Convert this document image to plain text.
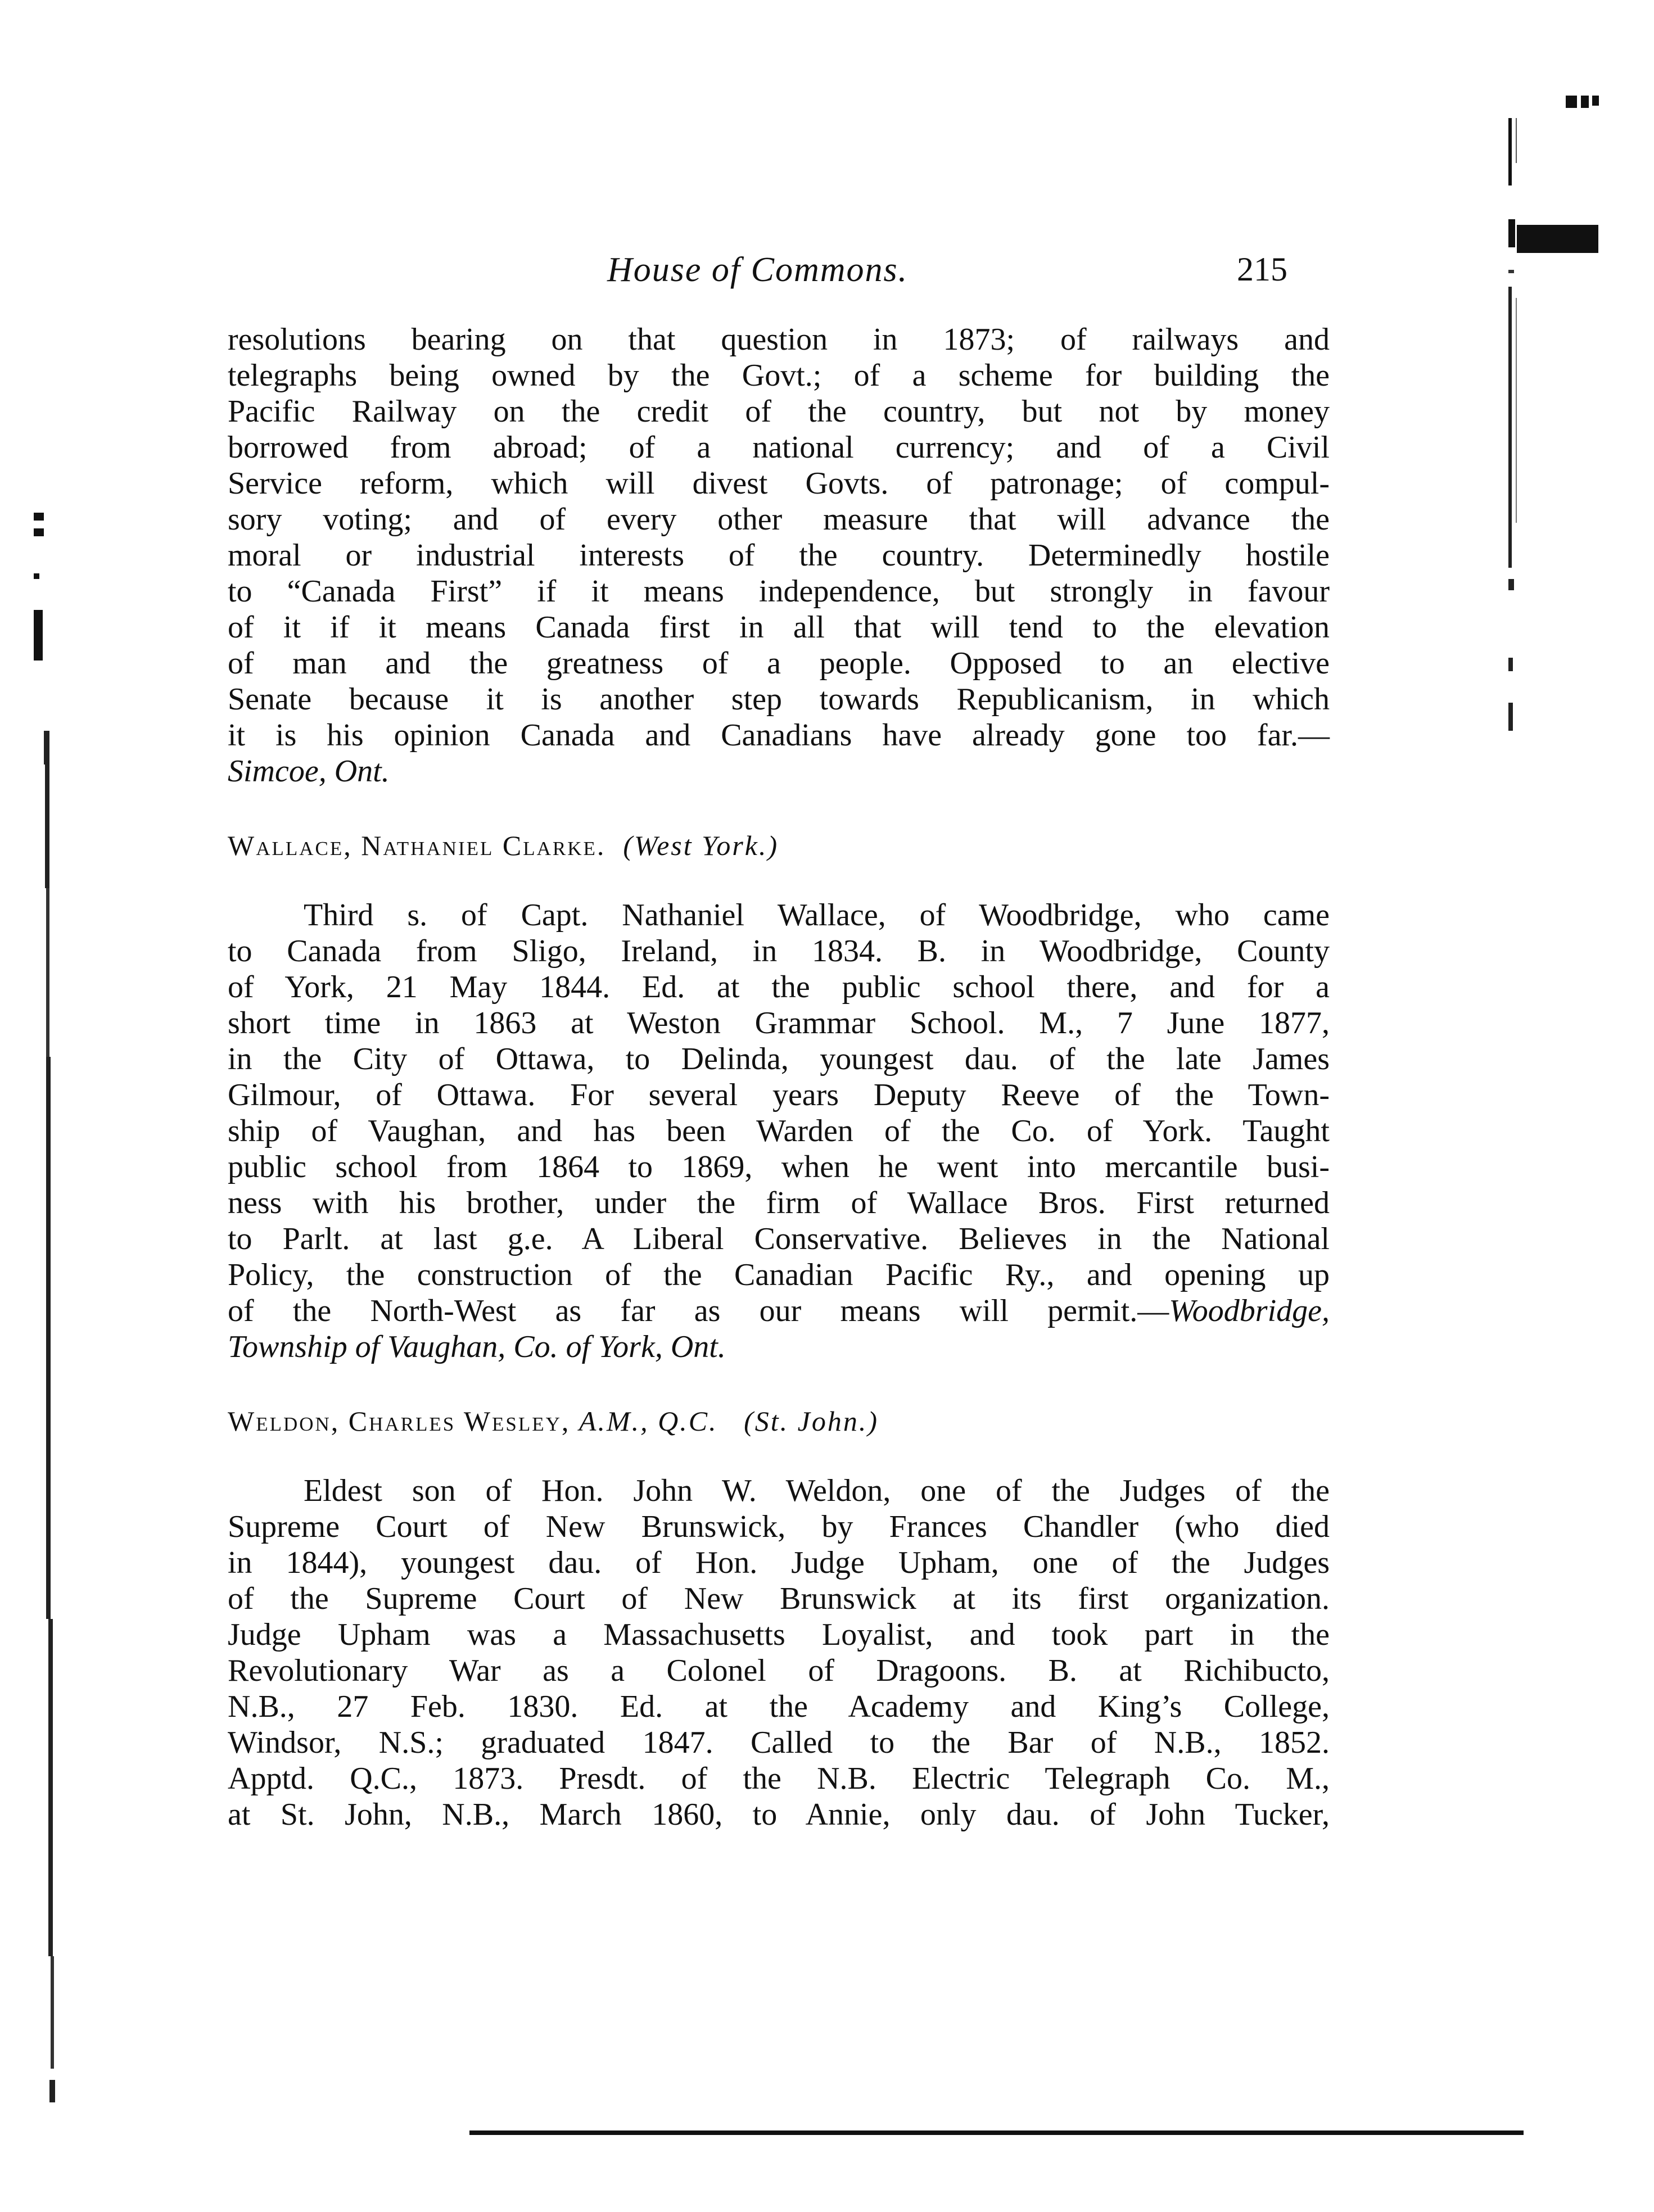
House of Commons.	215

resolutions bearing on that question in 1873; of railways and
telegraphs being owned by the Govt.; of a scheme for building the
Pacific Railway on the credit of the country, but not by money
borrowed from abroad; of a national currency; and of a Civil
Service reform, which will divest Govts. of patronage; of compul-
sory voting; and of every other measure that will advance the
moral or industrial interests of the country. Determinedly hostile
to “Canada First” if it means independence, but strongly in favour
of it if it means Canada first in all that will tend to the elevation
of man and the greatness of a people. Opposed to an elective
Senate because it is another step towards Republicanism, in which
it is his opinion Canada and Canadians have already gone too far.—
Simcoe, Ont.

Wallace, Nathaniel Clarke. (West York.)

Third s. of Capt. Nathaniel Wallace, of Woodbridge, who came
to Canada from Sligo, Ireland, in 1834. B. in Woodbridge, County
of York, 21 May 1844. Ed. at the public school there, and for a
short time in 1863 at Weston Grammar School. M., 7 June 1877,
in the City of Ottawa, to Delinda, youngest dau. of the late James
Gilmour, of Ottawa. For several years Deputy Reeve of the Town-
ship of Vaughan, and has been Warden of the Co. of York. Taught
public school from 1864 to 1869, when he went into mercantile busi-
ness with his brother, under the firm of Wallace Bros. First returned
to Parlt. at last g.e. A Liberal Conservative. Believes in the National
Policy, the construction of the Canadian Pacific Ry., and opening up
of the North-West as far as our means will permit.—Woodbridge,
Township of Vaughan, Co. of York, Ont.

Weldon, Charles Wesley, A.M., Q.C. (St. John.)

Eldest son of Hon. John W. Weldon, one of the Judges of the
Supreme Court of New Brunswick, by Frances Chandler (who died
in 1844), youngest dau. of Hon. Judge Upham, one of the Judges
of the Supreme Court of New Brunswick at its first organization.
Judge Upham was a Massachusetts Loyalist, and took part in the
Revolutionary War as a Colonel of Dragoons. B. at Richibucto,
N.B., 27 Feb. 1830. Ed. at the Academy and King’s College,
Windsor, N.S.; graduated 1847. Called to the Bar of N.B., 1852.
Apptd. Q.C., 1873. Presdt. of the N.B. Electric Telegraph Co. M.,
at St. John, N.B., March 1860, to Annie, only dau. of John Tucker,
